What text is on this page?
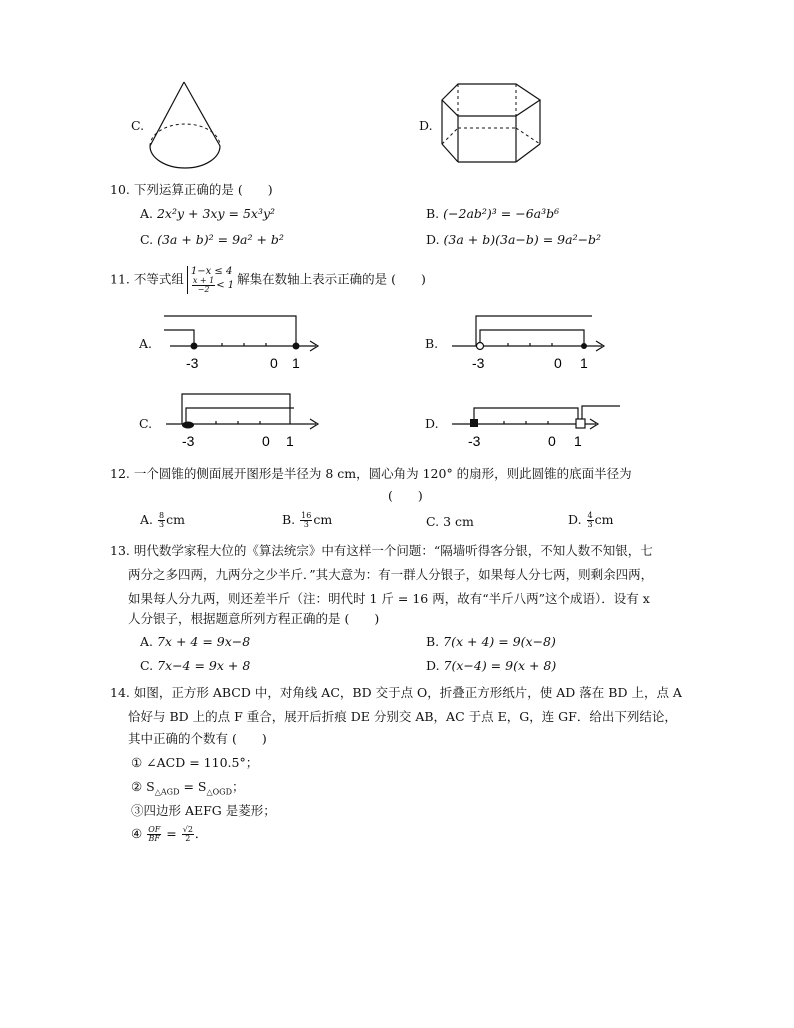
C.	D.
10. 下列运算正确的是 (　　)
A. 2x²y + 3xy = 5x³y²	B. (−2ab²)³ = −6a³b⁶
C. (3a + b)² = 9a² + b²	D. (3a + b)(3a−b) = 9a²−b²
11. 不等式组 1−x ≤ 4
$\frac{x + 1}{-2} < 1$ 解集在数轴上表示正确的是 (　　)
A.	B.
C.	D.
-3	0 1	-3	0 1
-3	0 1	-3	0 1
12. 一个圆锥的侧面展开图形是半径为 8 cm，圆心角为 120° 的扇形，则此圆锥的底面半径为
(　　)
A. $\frac{8}{3}$ cm	B. $\frac{16}{3}$ cm	C. 3 cm	D. $\frac{4}{3}$ cm
13. 明代数学家程大位的《算法统宗》中有这样一个问题：“隔墙听得客分银，不知人数不知银，七
两分之多四两，九两分之少半斤．”其大意为：有一群人分银子，如果每人分七两，则剩余四两，
如果每人分九两，则还差半斤（注：明代时 1 斤 = 16 两，故有“半斤八两”这个成语）．设有 x
人分银子，根据题意所列方程正确的是 (　　)
A. 7x + 4 = 9x−8	B. 7(x + 4) = 9(x−8)
C. 7x−4 = 9x + 8	D. 7(x−4) = 9(x + 8)
14. 如图，正方形 ABCD 中，对角线 AC，BD 交于点 O，折叠正方形纸片，使 AD 落在 BD 上，点 A
恰好与 BD 上的点 F 重合，展开后折痕 DE 分别交 AB，AC 于点 E，G，连 GF．给出下列结论，
其中正确的个数有 (　　)
① ∠ACD = 110.5°；
② $S_{\triangle AGD} = S_{\triangle OGD}$；
③四边形 AEFG 是菱形；
④ $\frac{OF}{BF} = \frac{√2}{2}$ ．
